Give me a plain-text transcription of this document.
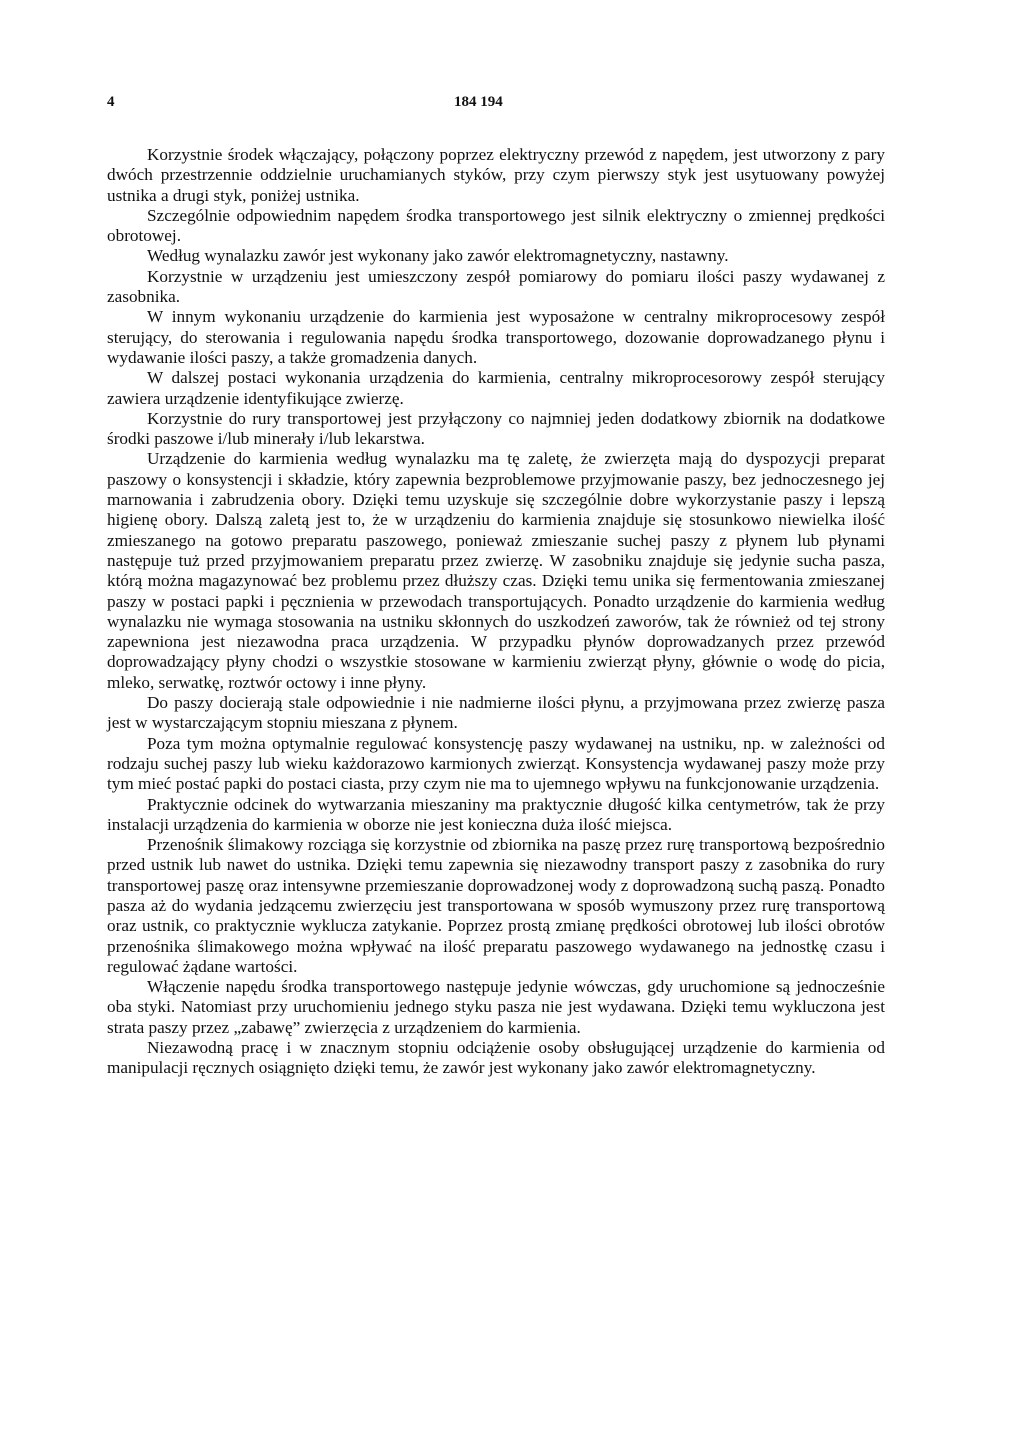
4	184 194

Korzystnie środek włączający, połączony poprzez elektryczny przewód z napędem, jest utworzony z pary dwóch przestrzennie oddzielnie uruchamianych styków, przy czym pierwszy styk jest usytuowany powyżej ustnika a drugi styk, poniżej ustnika.

Szczególnie odpowiednim napędem środka transportowego jest silnik elektryczny o zmiennej prędkości obrotowej.

Według wynalazku zawór jest wykonany jako zawór elektromagnetyczny, nastawny.

Korzystnie w urządzeniu jest umieszczony zespół pomiarowy do pomiaru ilości paszy wydawanej z zasobnika.

W innym wykonaniu urządzenie do karmienia jest wyposażone w centralny mikroprocesowy zespół sterujący, do sterowania i regulowania napędu środka transportowego, dozowanie doprowadzanego płynu i wydawanie ilości paszy, a także gromadzenia danych.

W dalszej postaci wykonania urządzenia do karmienia, centralny mikroprocesorowy zespół sterujący zawiera urządzenie identyfikujące zwierzę.

Korzystnie do rury transportowej jest przyłączony co najmniej jeden dodatkowy zbiornik na dodatkowe środki paszowe i/lub minerały i/lub lekarstwa.

Urządzenie do karmienia według wynalazku ma tę zaletę, że zwierzęta mają do dyspozycji preparat paszowy o konsystencji i składzie, który zapewnia bezproblemowe przyjmowanie paszy, bez jednoczesnego jej marnowania i zabrudzenia obory. Dzięki temu uzyskuje się szczególnie dobre wykorzystanie paszy i lepszą higienę obory. Dalszą zaletą jest to, że w urządzeniu do karmienia znajduje się stosunkowo niewielka ilość zmieszanego na gotowo preparatu paszowego, ponieważ zmieszanie suchej paszy z płynem lub płynami następuje tuż przed przyjmowaniem preparatu przez zwierzę. W zasobniku znajduje się jedynie sucha pasza, którą można magazynować bez problemu przez dłuższy czas. Dzięki temu unika się fermentowania zmieszanej paszy w postaci papki i pęcznienia w przewodach transportujących. Ponadto urządzenie do karmienia według wynalazku nie wymaga stosowania na ustniku skłonnych do uszkodzeń zaworów, tak że również od tej strony zapewniona jest niezawodna praca urządzenia. W przypadku płynów doprowadzanych przez przewód doprowadzający płyny chodzi o wszystkie stosowane w karmieniu zwierząt płyny, głównie o wodę do picia, mleko, serwatkę, roztwór octowy i inne płyny.

Do paszy docierają stale odpowiednie i nie nadmierne ilości płynu, a przyjmowana przez zwierzę pasza jest w wystarczającym stopniu mieszana z płynem.

Poza tym można optymalnie regulować konsystencję paszy wydawanej na ustniku, np. w zależności od rodzaju suchej paszy lub wieku każdorazowo karmionych zwierząt. Konsystencja wydawanej paszy może przy tym mieć postać papki do postaci ciasta, przy czym nie ma to ujemnego wpływu na funkcjonowanie urządzenia.

Praktycznie odcinek do wytwarzania mieszaniny ma praktycznie długość kilka centymetrów, tak że przy instalacji urządzenia do karmienia w oborze nie jest konieczna duża ilość miejsca.

Przenośnik ślimakowy rozciąga się korzystnie od zbiornika na paszę przez rurę transportową bezpośrednio przed ustnik lub nawet do ustnika. Dzięki temu zapewnia się niezawodny transport paszy z zasobnika do rury transportowej paszę oraz intensywne przemieszanie doprowadzonej wody z doprowadzoną suchą paszą. Ponadto pasza aż do wydania jedzącemu zwierzęciu jest transportowana w sposób wymuszony przez rurę transportową oraz ustnik, co praktycznie wyklucza zatykanie. Poprzez prostą zmianę prędkości obrotowej lub ilości obrotów przenośnika ślimakowego można wpływać na ilość preparatu paszowego wydawanego na jednostkę czasu i regulować żądane wartości.

Włączenie napędu środka transportowego następuje jedynie wówczas, gdy uruchomione są jednocześnie oba styki. Natomiast przy uruchomieniu jednego styku pasza nie jest wydawana. Dzięki temu wykluczona jest strata paszy przez „zabawę” zwierzęcia z urządzeniem do karmienia.

Niezawodną pracę i w znacznym stopniu odciążenie osoby obsługującej urządzenie do karmienia od manipulacji ręcznych osiągnięto dzięki temu, że zawór jest wykonany jako zawór elektromagnetyczny.
